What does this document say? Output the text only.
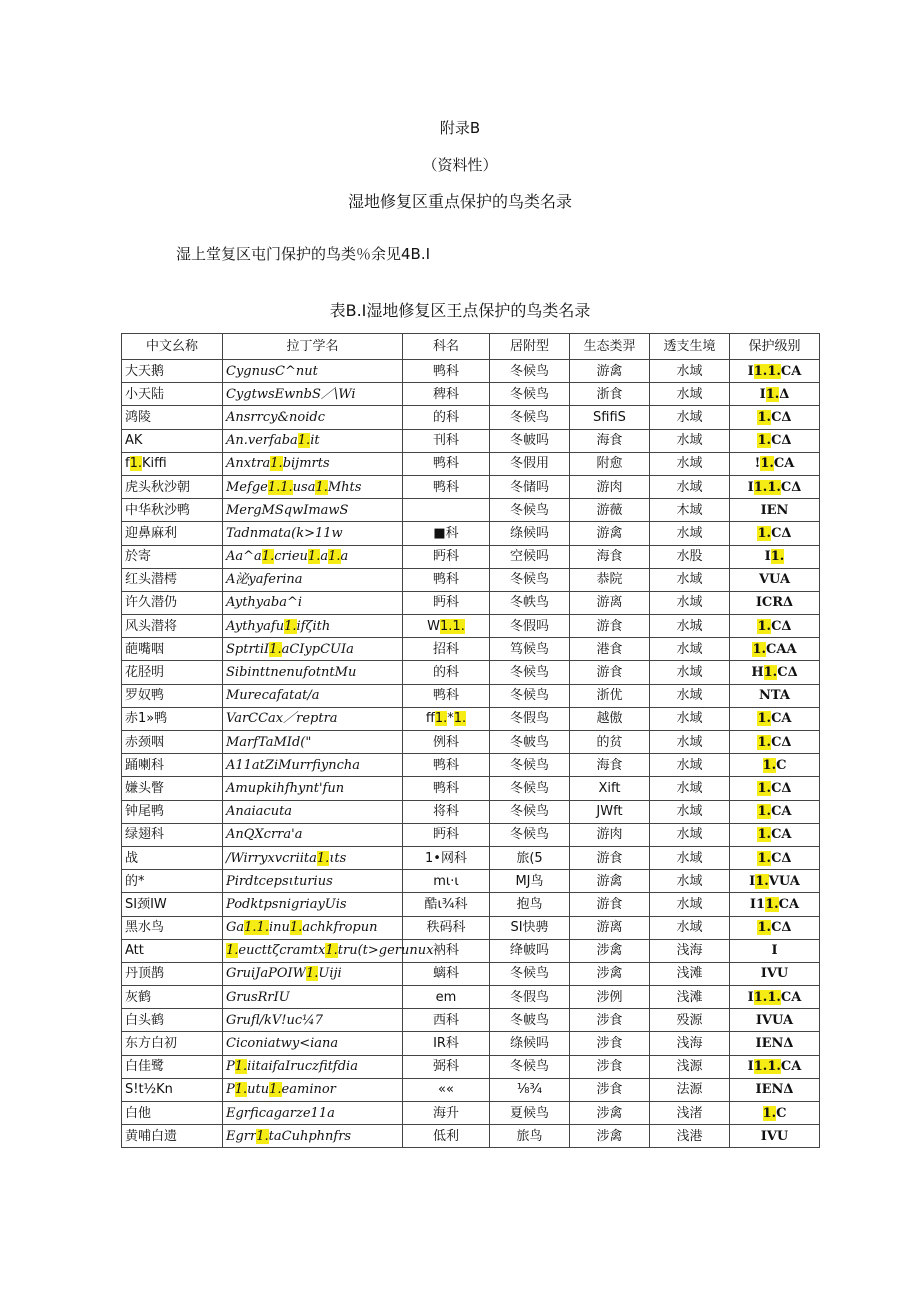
附录B
（资料性）
湿地修复区重点保护的鸟类名录
湿上堂复区屯门保护的鸟类％余见4B.I
表B.I湿地修复区王点保护的鸟类名录
中文幺称	拉丁学名	科名	居附型	生态类羿	透支生境	保护级别
大天鹅	CygnusC^nut	鸭科	冬候鸟	游禽	水域	I1.1.CA
小天陆	CygtwsEwnbS／\Wi	稗科	冬候鸟	浙食	水域	I1.Δ
鸿陵	Ansrrcy&noidc	的科	冬候鸟	SfifiS	水域	1.CΔ
AK	An.verfaba1.it	刊科	冬帔吗	海食	水域	1.CΔ
f1.Kiffi	Anxtra1.bijmrts	鸭科	冬假用	附愈	水域	!1.CA
虎头秋沙朝	Mefge1.1.usa1.Mhts	鸭科	冬储吗	游肉	水域	I1.1.CΔ
中华秋沙鸭	MergMSqwImawS		冬候鸟	游薇	木域	IEN
迎鼻麻利	Tadnmata(k>11w	■科	绦候吗	游禽	水域	1.CΔ
於寄	Aa^a1.crieu1.a1.a	眄科	空候吗	海食	水股	I1.
红头潜樗	A泌yaferina	鸭科	冬候鸟	恭院	水域	VUA
许久潜仍	Aythyaba^i	眄科	冬帙鸟	游离	水域	ICRΔ
风头潜将	Aythyafu1.ifζith	W1.1.	冬假吗	游食	水城	1.CΔ
葩嘴咽	SptrtiI1.aCIypCUIa	招科	笃候鸟	港食	水域	1.CAA
花胫明	SibinttnenufotntMu	的科	冬候鸟	游食	水域	H1.CΔ
罗奴鸭	Murecafatat/a	鸭科	冬候鸟	浙优	水域	NTA
赤1»鸭	VarCCax／reptra	ff1.*1.	冬假鸟	越傲	水域	1.CA
赤颈咽	MarfTaMId("	例科	冬帔鸟	的贫	水域	1.CΔ
踊喇科	A11atZiMurrfiyncha	鸭科	冬候鸟	海食	水域	1.C
嫌头瞥	Amupkihfhynt'fun	鸭科	冬候鸟	Xift	水域	1.CΔ
钟尾鸭	Anaiacuta	将科	冬候鸟	JWft	水域	1.CA
绿翅科	AnQXcrra'a	眄科	冬候鸟	游肉	水域	1.CA
战	/Wirryxvcriita1.ιts	1•网科	旅(5	游食	水域	1.CΔ
的*	Pirdtcepsιturius	mι·ι	MJ鸟	游禽	水域	I1.VUA
SI颈IW	PodktpsnigriayUis	酷ι¾科	抱鸟	游食	水域	I11.CA
黑水鸟	Ga1.1.inu1.achkfropun	秩码科	SI快骋	游离	水域	1.CΔ
Att	1.eucttζcramtx1.tru(t>gerunux	衲科	绛帔吗	涉禽	浅海	I
丹顶鹊	GruiJaPOIW1.Uiji	螭科	冬候鸟	涉禽	浅滩	IVU
灰鹤	GrusRrIU	em	冬假鸟	涉例	浅滩	I1.1.CA
白头鹤	Grufl/kV!uc¼7	西科	冬帔鸟	涉食	殁源	IVUA
东方白初	Ciconiatwy<iana	IR科	绦候吗	涉食	浅海	IENΔ
白佳鹭	P1.iitaifaIruczfitfdia	弼科	冬候鸟	涉食	浅源	I1.1.CA
S!t½Kn	P1.utu1.eaminor	««	⅛¾	涉食	法源	IENΔ
白他	Egrficagarze11a	海升	夏候鸟	涉禽	浅渚	1.C
黄哺白遗	Egrr1.taCuhphnfrs	低利	旅鸟	涉禽	浅港	IVU
